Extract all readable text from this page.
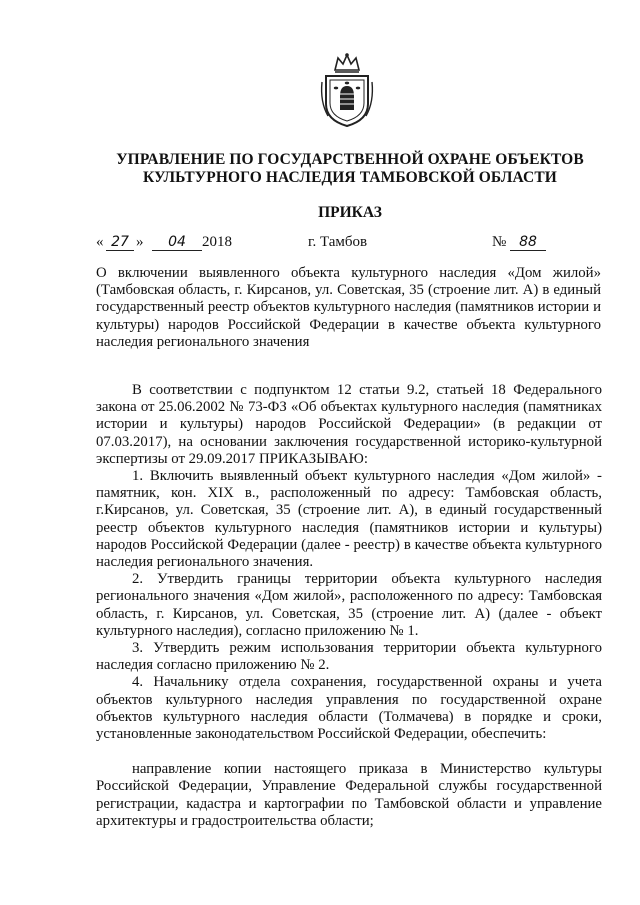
УПРАВЛЕНИЕ ПО ГОСУДАРСТВЕННОЙ ОХРАНЕ ОБЪЕКТОВ
КУЛЬТУРНОГО НАСЛЕДИЯ ТАМБОВСКОЙ ОБЛАСТИ
ПРИКАЗ
« 27 »	04	2018	г. Тамбов	№ 88

О включении выявленного объекта культурного наследия «Дом жилой» (Тамбовская область, г. Кирсанов, ул. Советская, 35 (строение лит. А) в единый государственный реестр объектов культурного наследия (памятников истории и культуры) народов Российской Федерации в качестве объекта культурного наследия регионального значения

В соответствии с подпунктом 12 статьи 9.2, статьей 18 Федерального закона от 25.06.2002 № 73-ФЗ «Об объектах культурного наследия (памятниках истории и культуры) народов Российской Федерации» (в редакции от 07.03.2017), на основании заключения государственной историко-культурной экспертизы от 29.09.2017 ПРИКАЗЫВАЮ:

1. Включить выявленный объект культурного наследия «Дом жилой» - памятник, кон. XIX в., расположенный по адресу: Тамбовская область, г.Кирсанов, ул. Советская, 35 (строение лит. А), в единый государственный реестр объектов культурного наследия (памятников истории и культуры) народов Российской Федерации (далее - реестр) в качестве объекта культурного наследия регионального значения.

2. Утвердить границы территории объекта культурного наследия регионального значения «Дом жилой», расположенного по адресу: Тамбовская область, г. Кирсанов, ул. Советская, 35 (строение лит. А) (далее - объект культурного наследия), согласно приложению № 1.

3. Утвердить режим использования территории объекта культурного наследия согласно приложению № 2.

4. Начальнику отдела сохранения, государственной охраны и учета объектов культурного наследия управления по государственной охране объектов культурного наследия области (Толмачева) в порядке и сроки, установленные законодательством Российской Федерации, обеспечить:

направление копии настоящего приказа в Министерство культуры Российской Федерации, Управление Федеральной службы государственной регистрации, кадастра и картографии по Тамбовской области и управление архитектуры и градостроительства области;
